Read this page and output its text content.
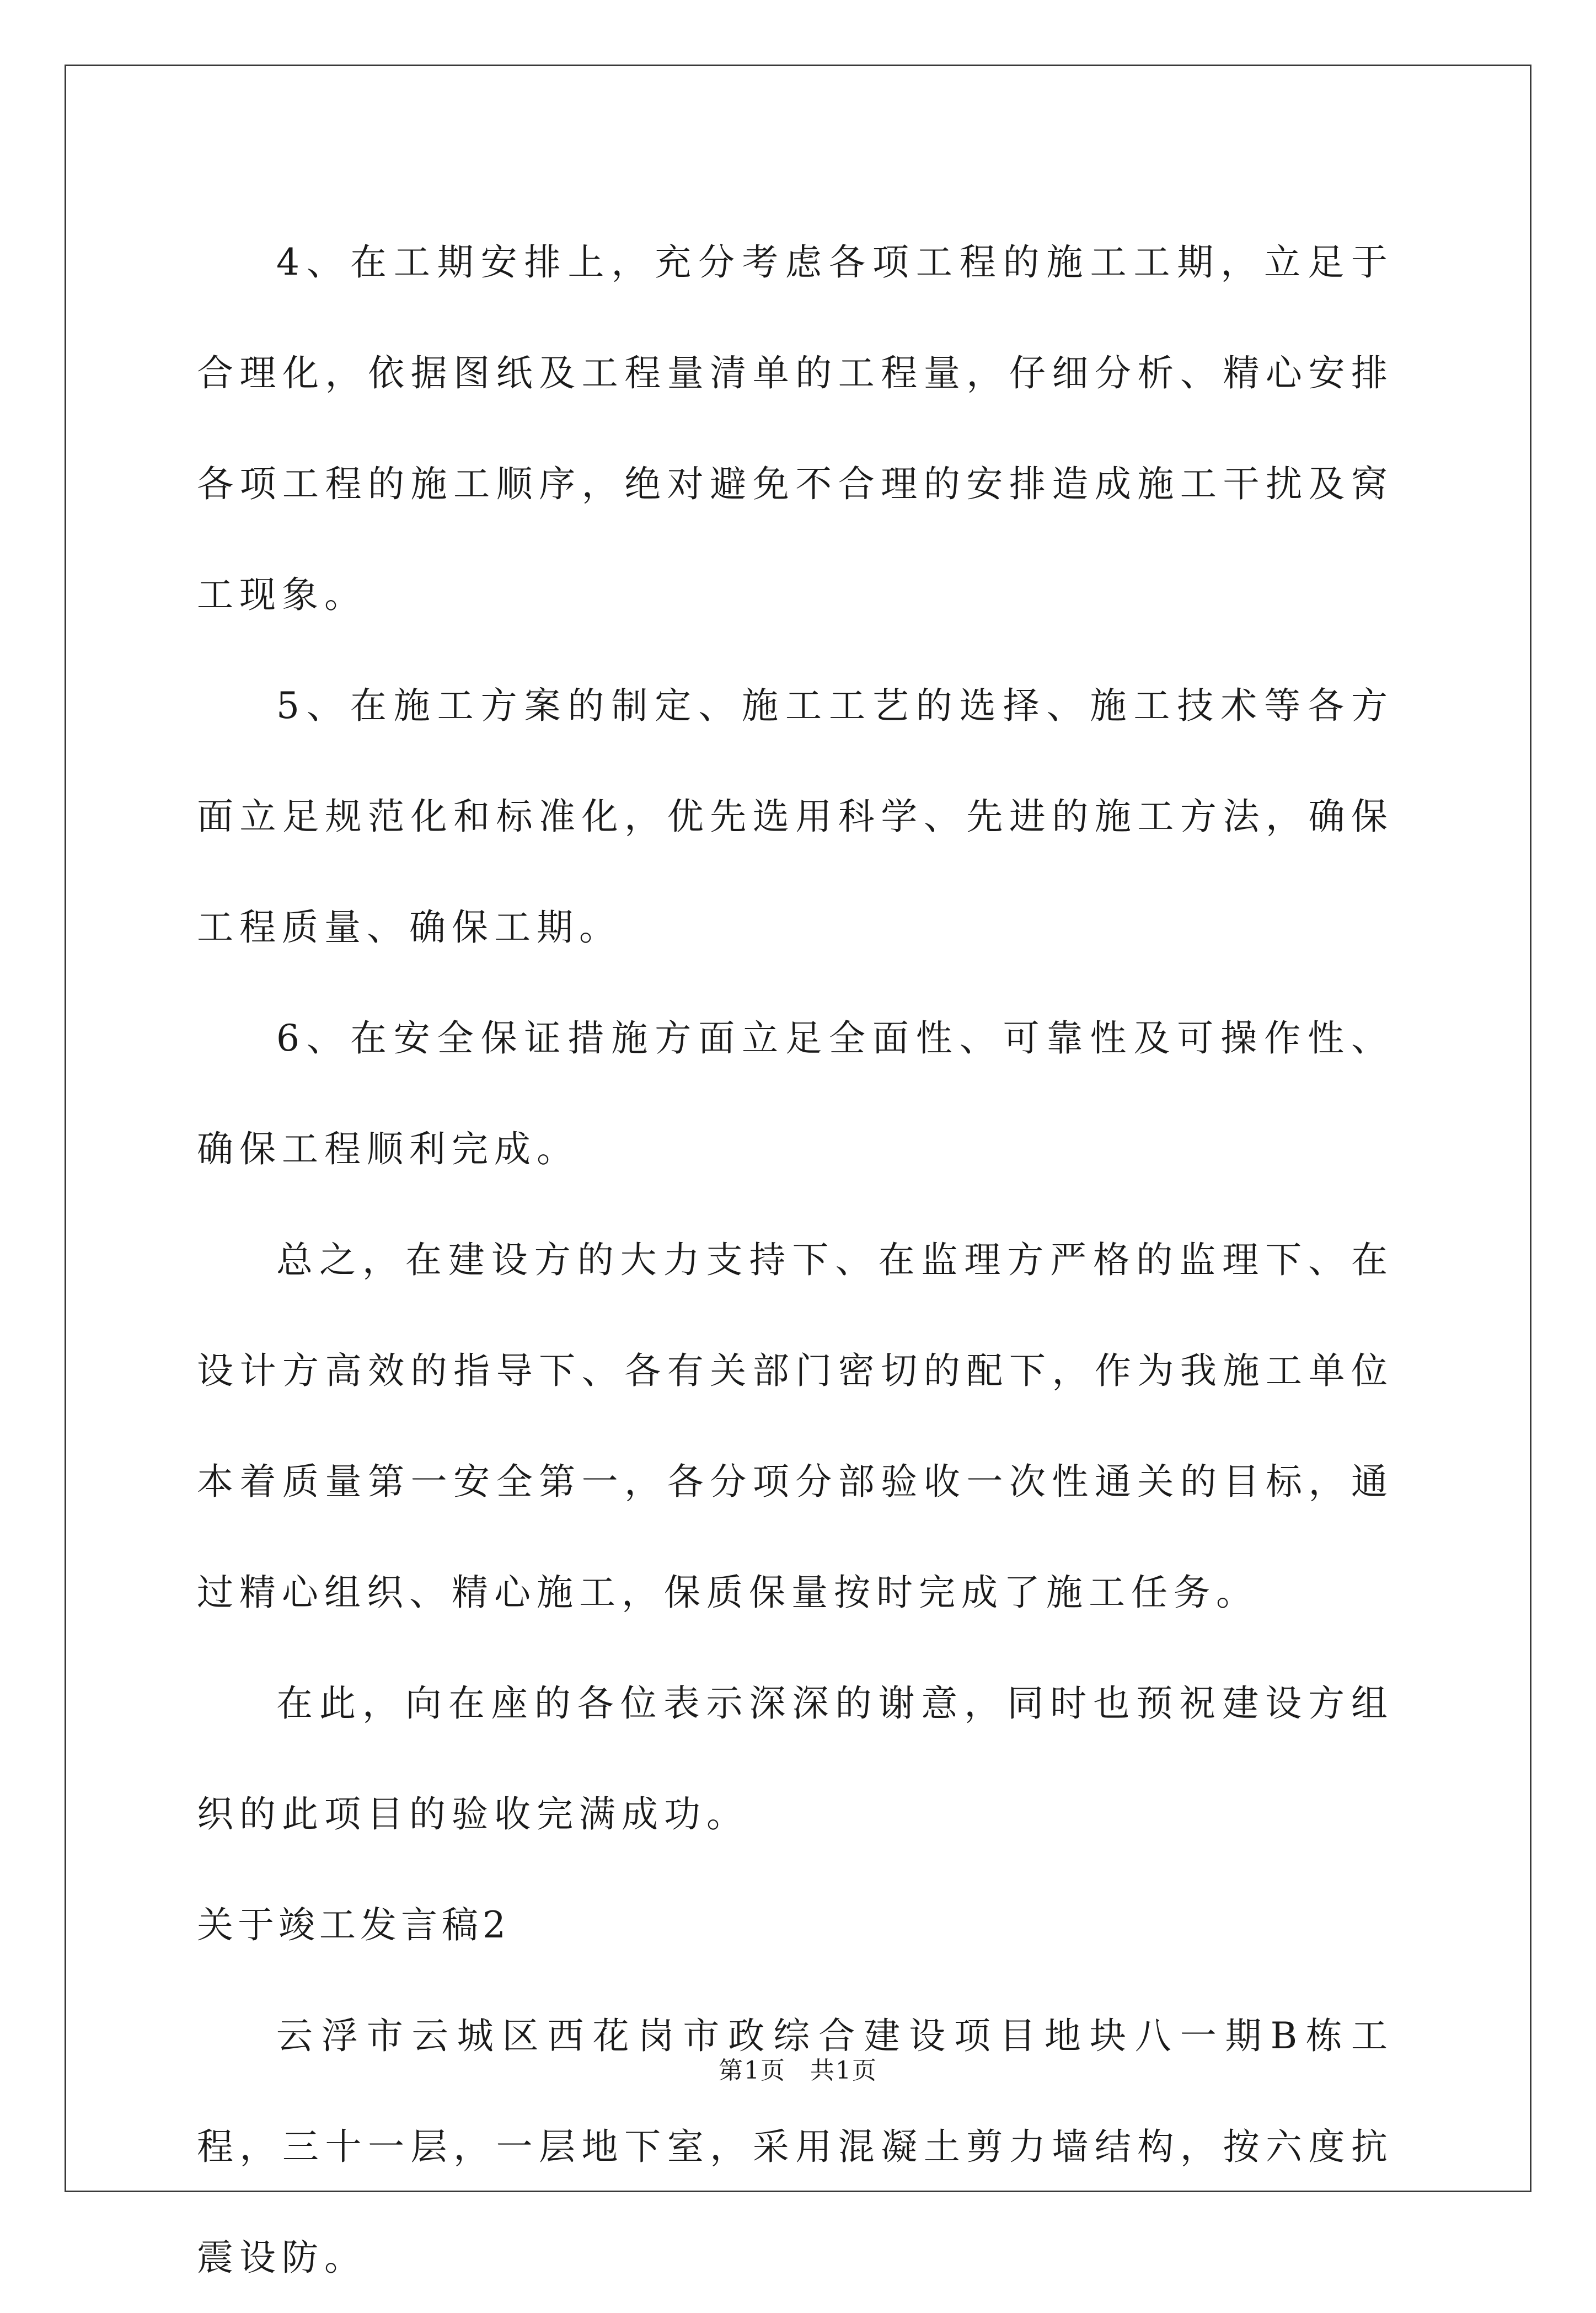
4、在工期安排上，充分考虑各项工程的施工工期，立足于合理化，依据图纸及工程量清单的工程量，仔细分析、精心安排各项工程的施工顺序，绝对避免不合理的安排造成施工干扰及窝工现象。

5、在施工方案的制定、施工工艺的选择、施工技术等各方面立足规范化和标准化，优先选用科学、先进的施工方法，确保工程质量、确保工期。

6、在安全保证措施方面立足全面性、可靠性及可操作性、确保工程顺利完成。

总之，在建设方的大力支持下、在监理方严格的监理下、在设计方高效的指导下、各有关部门密切的配下，作为我施工单位本着质量第一安全第一，各分项分部验收一次性通关的目标，通过精心组织、精心施工，保质保量按时完成了施工任务。

在此，向在座的各位表示深深的谢意，同时也预祝建设方组织的此项目的验收完满成功。

关于竣工发言稿2

云浮市云城区西花岗市政综合建设项目地块八一期B栋工程，三十一层，一层地下室，采用混凝土剪力墙结构，按六度抗震设防。

第1页 共1页
